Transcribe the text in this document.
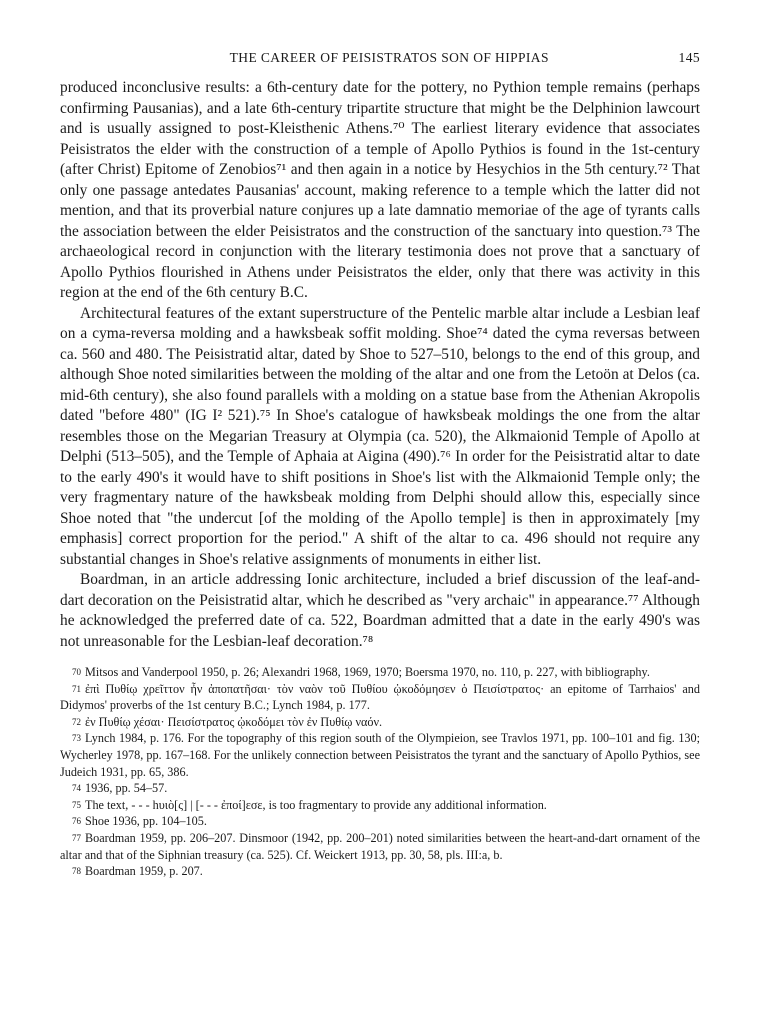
THE CAREER OF PEISISTRATOS SON OF HIPPIAS	145

produced inconclusive results: a 6th-century date for the pottery, no Pythion temple remains (perhaps confirming Pausanias), and a late 6th-century tripartite structure that might be the Delphinion lawcourt and is usually assigned to post-Kleisthenic Athens.⁷⁰ The earliest literary evidence that associates Peisistratos the elder with the construction of a temple of Apollo Pythios is found in the 1st-century (after Christ) Epitome of Zenobios⁷¹ and then again in a notice by Hesychios in the 5th century.⁷² That only one passage antedates Pausanias' account, making reference to a temple which the latter did not mention, and that its proverbial nature conjures up a late damnatio memoriae of the age of tyrants calls the association between the elder Peisistratos and the construction of the sanctuary into question.⁷³ The archaeological record in conjunction with the literary testimonia does not prove that a sanctuary of Apollo Pythios flourished in Athens under Peisistratos the elder, only that there was activity in this region at the end of the 6th century B.C.

Architectural features of the extant superstructure of the Pentelic marble altar include a Lesbian leaf on a cyma-reversa molding and a hawksbeak soffit molding. Shoe⁷⁴ dated the cyma reversas between ca. 560 and 480. The Peisistratid altar, dated by Shoe to 527–510, belongs to the end of this group, and although Shoe noted similarities between the molding of the altar and one from the Letoön at Delos (ca. mid-6th century), she also found parallels with a molding on a statue base from the Athenian Akropolis dated "before 480" (IG I² 521).⁷⁵ In Shoe's catalogue of hawksbeak moldings the one from the altar resembles those on the Megarian Treasury at Olympia (ca. 520), the Alkmaionid Temple of Apollo at Delphi (513–505), and the Temple of Aphaia at Aigina (490).⁷⁶ In order for the Peisistratid altar to date to the early 490's it would have to shift positions in Shoe's list with the Alkmaionid Temple only; the very fragmentary nature of the hawksbeak molding from Delphi should allow this, especially since Shoe noted that "the undercut [of the molding of the Apollo temple] is then in approximately [my emphasis] correct proportion for the period." A shift of the altar to ca. 496 should not require any substantial changes in Shoe's relative assignments of monuments in either list.

Boardman, in an article addressing Ionic architecture, included a brief discussion of the leaf-and-dart decoration on the Peisistratid altar, which he described as "very archaic" in appearance.⁷⁷ Although he acknowledged the preferred date of ca. 522, Boardman admitted that a date in the early 490's was not unreasonable for the Lesbian-leaf decoration.⁷⁸

$^{70}$ Mitsos and Vanderpool 1950, p. 26; Alexandri 1968, 1969, 1970; Boersma 1970, no. 110, p. 227, with bibliography.

$^{71}$ ἐπὶ Πυθίῳ χρεῖττον ἦν ἀποπατῆσαι· τὸν ναὸν τοῦ Πυθίου ᾠκοδόμησεν ὁ Πεισίστρατος· an epitome of Tarrhaios' and Didymos' proverbs of the 1st century B.C.; Lynch 1984, p. 177.

$^{72}$ ἐν Πυθίῳ χέσαι· Πεισίστρατος ᾠκοδόμει τὸν ἐν Πυθίῳ ναόν.

$^{73}$ Lynch 1984, p. 176. For the topography of this region south of the Olympieion, see Travlos 1971, pp. 100–101 and fig. 130; Wycherley 1978, pp. 167–168. For the unlikely connection between Peisistratos the tyrant and the sanctuary of Apollo Pythios, see Judeich 1931, pp. 65, 386.

$^{74}$ 1936, pp. 54–57.

$^{75}$ The text, - - - hυιὸ[ς] | [- - - ἐποί]εσε, is too fragmentary to provide any additional information.

$^{76}$ Shoe 1936, pp. 104–105.

$^{77}$ Boardman 1959, pp. 206–207. Dinsmoor (1942, pp. 200–201) noted similarities between the heart-and-dart ornament of the altar and that of the Siphnian treasury (ca. 525). Cf. Weickert 1913, pp. 30, 58, pls. III:a, b.

$^{78}$ Boardman 1959, p. 207.
